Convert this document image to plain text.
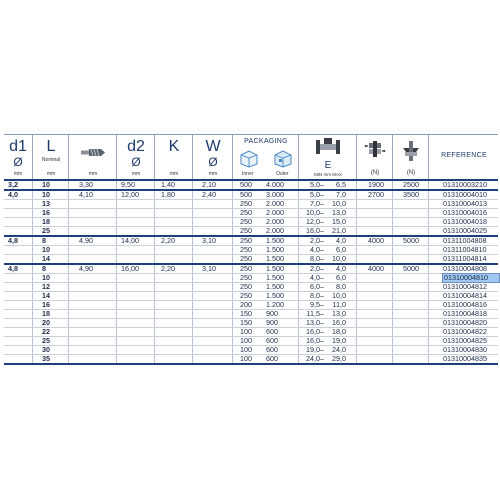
d1
Ø
mm
L
Nominal
mm	mm
d2
Ø
mm
K
mm
W
Ø
mm
PACKAGING
Inner	Outer
E
MIN mm MAX	(N)	(N)
REFERENCE
3,2	10	3,30	9,50	1,40	2,10	500	4.000	5,0	6,5	1900	2500	01310003210
–
4,0	10	4,10	12,00	1,80	2,40	500	3.000	5,0	7,0	2700	3500	01310004010
–
13	250	2.000	7,0	10,0	01310004013
–
16	250	2.000	10,0	13,0	01310004016
–
18	250	2.000	12,0	15,0	01310004018
–
25	250	2.000	16,0	21,0	01310004025
–
4,8	8	4,90	14,00	2,20	3,10	250	1.500	2,0	4,0	4000	5000	01311004808
–
10	250	1.500	4,0	6,0	01311004810
–
14	250	1.500	8,0	10,0	01311004814
–
4,8	8	4,90	16,00	2,20	3,10	250	1.500	2,0	4,0	4000	5000	01310004808
–
10	250	1.500	4,0	6,0	01310004810
–
12	250	1.500	6,0	8,0	01310004812
–
14	250	1.500	8,0	10,0	01310004814
–
16	200	1.200	9,5	11,0	01310004816
–
18	150	900	11,5	13,0	01310004818
–
20	150	900	13,0	16,0	01310004820
–
22	100	600	16,0	18,0	01310004822
–
25	100	600	16,0	19,0	01310004825
–
30	100	600	19,0	24,0	01310004830
–
35	100	600	24,0	29,0	01310004835
–
